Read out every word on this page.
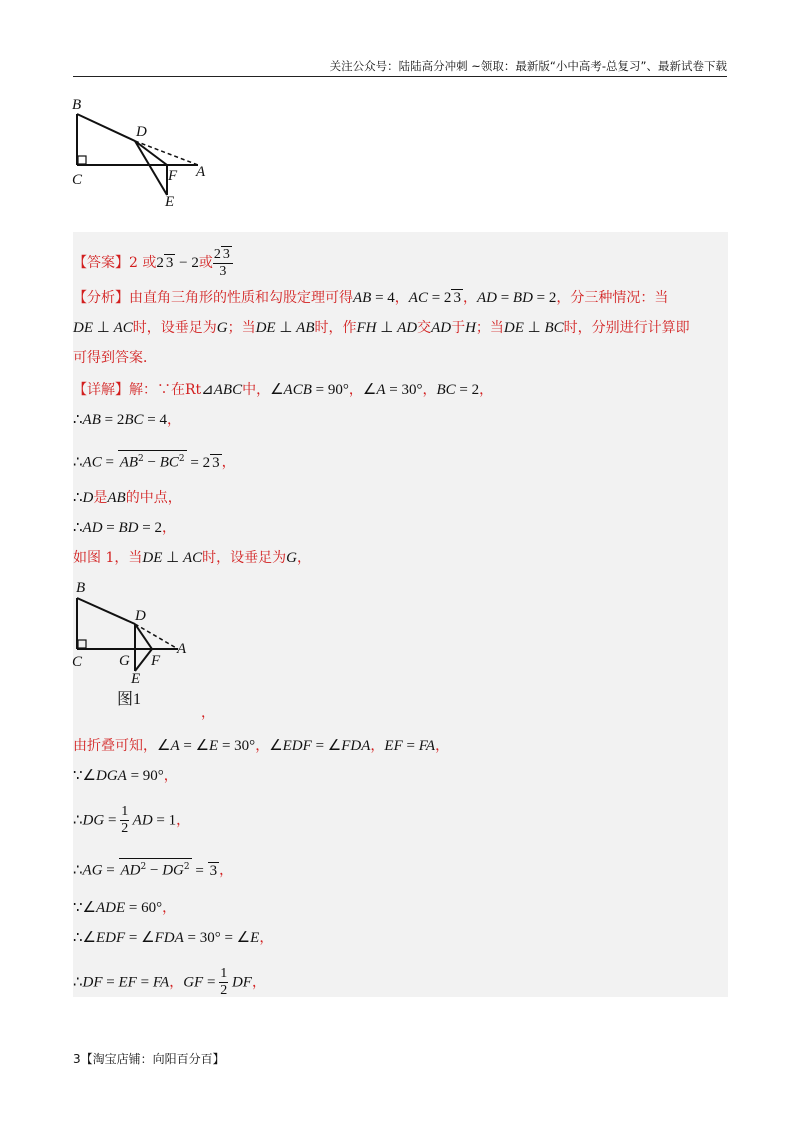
关注公众号：陆陆高分冲刺 ~领取：最新版“小中高考-总复习”、最新试卷下载
B
D
C	F A
E
【答案】2 或2 3 − 2或 $\frac{2 3}{3}$
【分析】由直角三角形的性质和勾股定理可得AB = 4，AC = 2 3 ，AD = BD = 2，分三种情况：当
DE ⊥ AC时，设垂足为G；当DE ⊥ AB时，作FH ⊥ AD交AD于H；当DE ⊥ BC时，分别进行计算即
可得到答案．
【详解】解：∵在Rt⊿ABC中，∠ACB = 90°，∠A = 30°，BC = 2，
∴AB = 2BC = 4，
∴AC = $AB^2 - BC^2 = 2$ 3 ，
∴D是AB的中点，
∴AD = BD = 2，
如图 1，当DE ⊥ AC时，设垂足为G，
B
D
C G F
A
E
图1
，
由折叠可知，∠A = ∠E = 30°，∠EDF = ∠FDA，EF = FA，
∵∠DGA = 90°，
∴DG = $\frac{1}{2}$ AD = 1，
∴AG = $AD^2 - DG^2 = 3$ ，
∵∠ADE = 60°，
∴∠EDF = ∠FDA = 30° = ∠E，
∴DF = EF = FA，GF = $\frac{1}{2}$ DF，
3【淘宝店铺：向阳百分百】
